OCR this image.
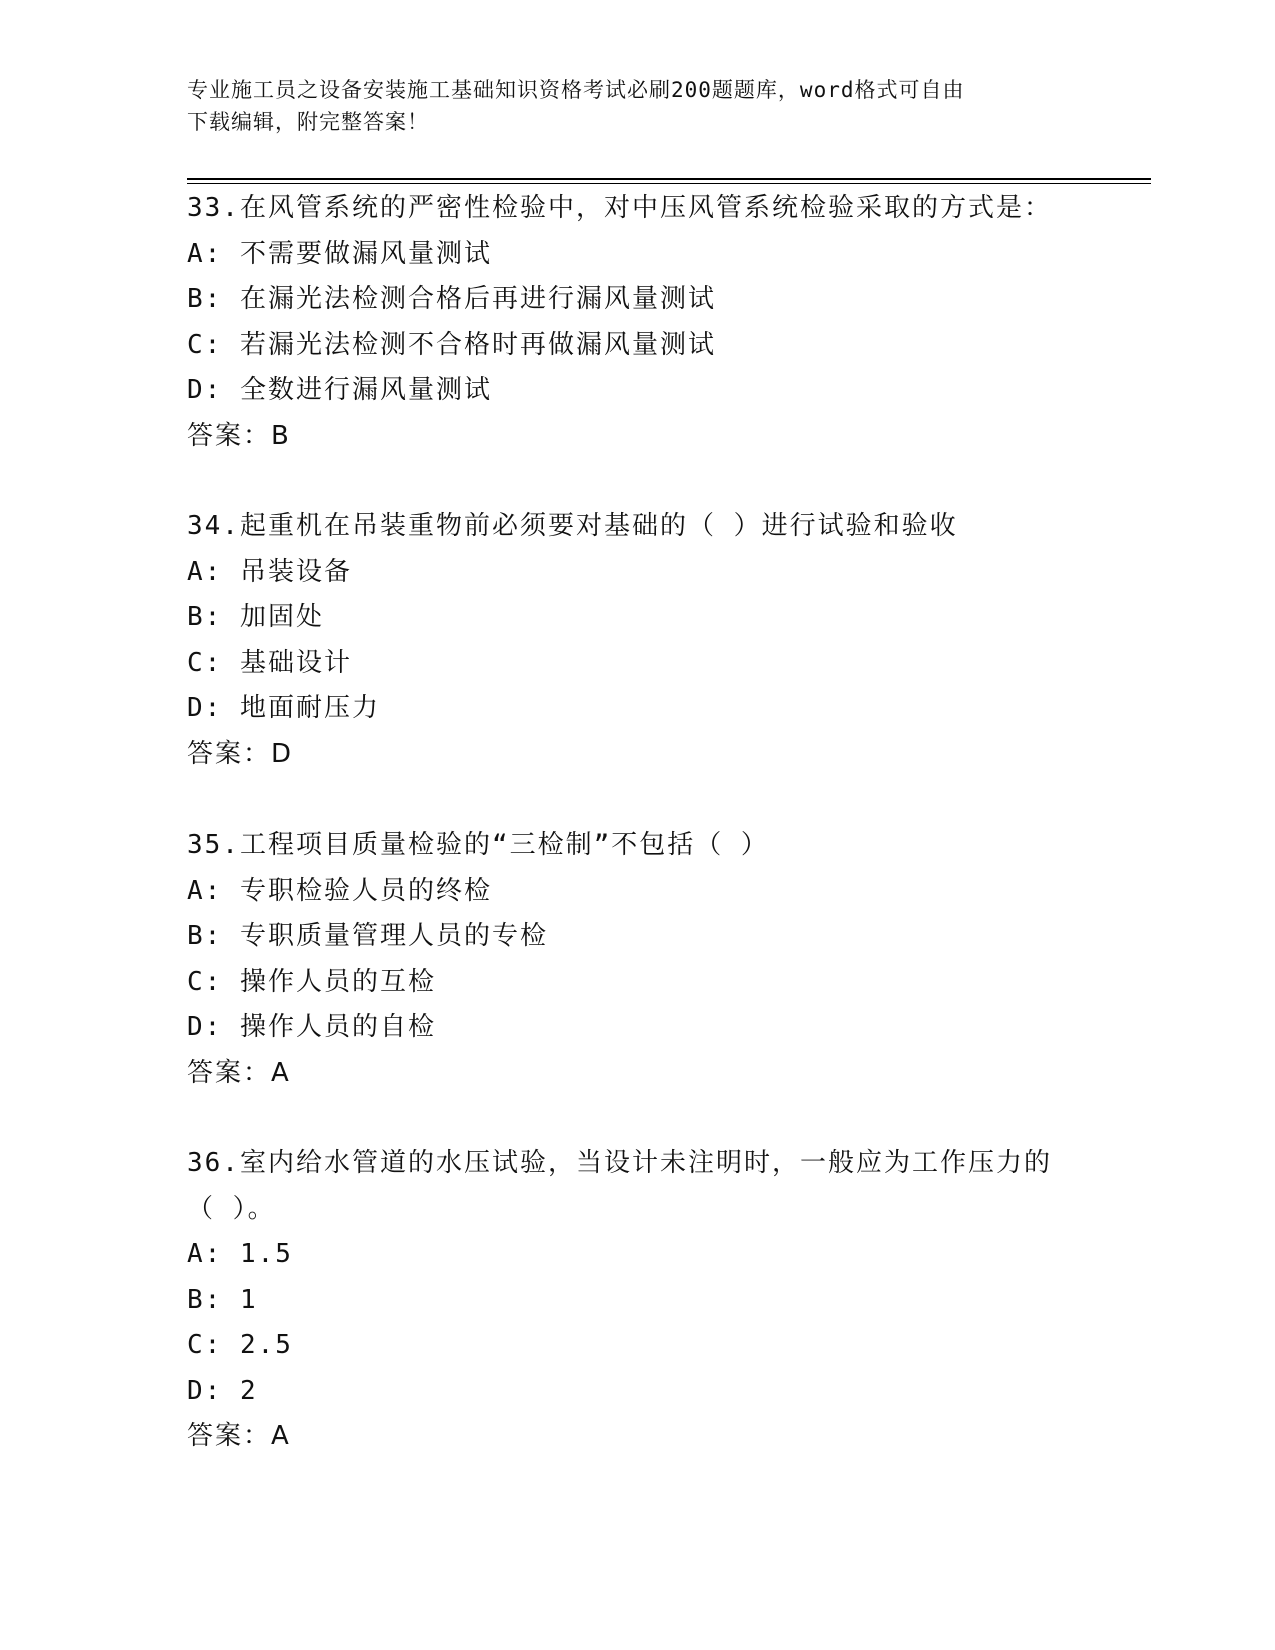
专业施工员之设备安装施工基础知识资格考试必刷200题题库，word格式可自由
下载编辑，附完整答案！
33.在风管系统的严密性检验中，对中压风管系统检验采取的方式是：
A: 不需要做漏风量测试
B: 在漏光法检测合格后再进行漏风量测试
C: 若漏光法检测不合格时再做漏风量测试
D: 全数进行漏风量测试
答案：B
34.起重机在吊装重物前必须要对基础的（ ）进行试验和验收
A: 吊装设备
B: 加固处
C: 基础设计
D: 地面耐压力
答案：D
35.工程项目质量检验的“三检制”不包括（ ）
A: 专职检验人员的终检
B: 专职质量管理人员的专检
C: 操作人员的互检
D: 操作人员的自检
答案：A
36.室内给水管道的水压试验，当设计未注明时，一般应为工作压力的
（ ）。
A: 1.5
B: 1
C: 2.5
D: 2
答案：A
